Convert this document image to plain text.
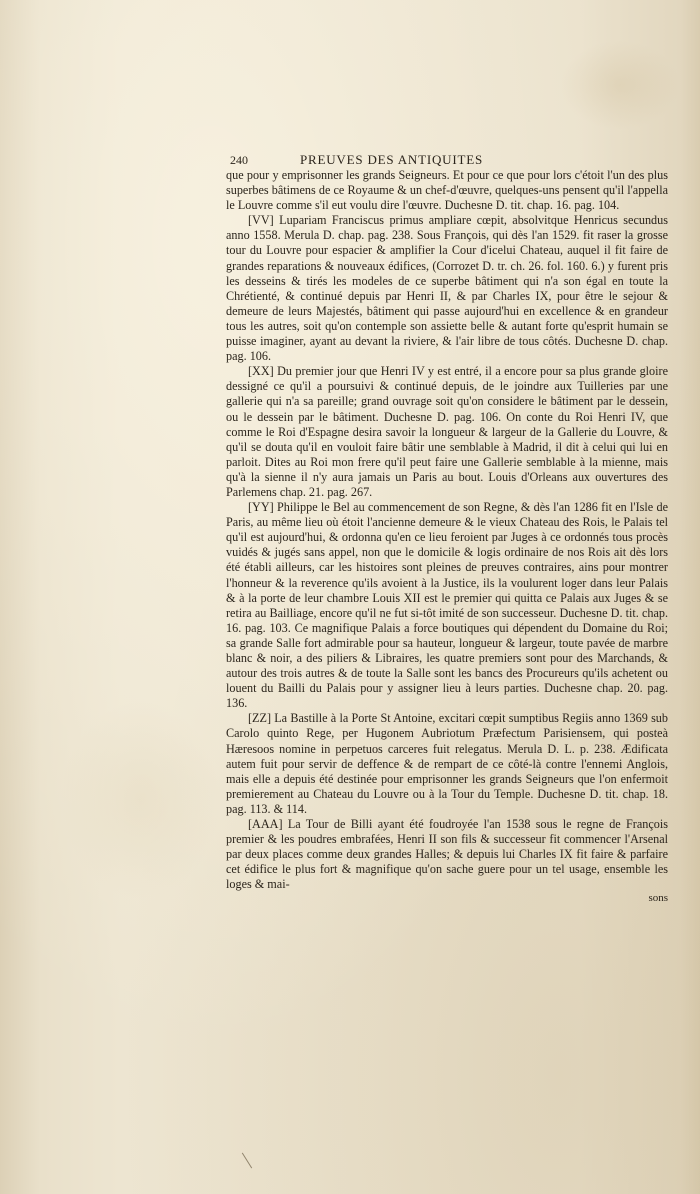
240	PREUVES DES ANTIQUITES

que pour y emprisonner les grands Seigneurs. Et pour ce que pour lors c'étoit l'un des plus superbes bâtimens de ce Royaume & un chef-d'œuvre, quelques-uns pensent qu'il l'appella le Louvre comme s'il eut voulu dire l'œuvre. Duchesne D. tit. chap. 16. pag. 104.

[VV] Lupariam Franciscus primus ampliare cœpit, absolvitque Henricus secundus anno 1558. Merula D. chap. pag. 238. Sous François, qui dès l'an 1529. fit raser la grosse tour du Louvre pour espacier & amplifier la Cour d'icelui Chateau, auquel il fit faire de grandes reparations & nouveaux édifices, (Corrozet D. tr. ch. 26. fol. 160. 6.) y furent pris les desseins & tirés les modeles de ce superbe bâtiment qui n'a son égal en toute la Chrétienté, & continué depuis par Henri II, & par Charles IX, pour être le sejour & demeure de leurs Majestés, bâtiment qui passe aujourd'hui en excellence & en grandeur tous les autres, soit qu'on contemple son assiette belle & autant forte qu'esprit humain se puisse imaginer, ayant au devant la riviere, & l'air libre de tous côtés. Duchesne D. chap. pag. 106.

[XX] Du premier jour que Henri IV y est entré, il a encore pour sa plus grande gloire dessigné ce qu'il a poursuivi & continué depuis, de le joindre aux Tuilleries par une gallerie qui n'a sa pareille; grand ouvrage soit qu'on considere le bâtiment par le dessein, ou le dessein par le bâtiment. Duchesne D. pag. 106. On conte du Roi Henri IV, que comme le Roi d'Espagne desira savoir la longueur & largeur de la Gallerie du Louvre, & qu'il se douta qu'il en vouloit faire bâtir une semblable à Madrid, il dit à celui qui lui en parloit. Dites au Roi mon frere qu'il peut faire une Gallerie semblable à la mienne, mais qu'à la sienne il n'y aura jamais un Paris au bout. Louis d'Orleans aux ouvertures des Parlemens chap. 21. pag. 267.

[YY] Philippe le Bel au commencement de son Regne, & dès l'an 1286 fit en l'Isle de Paris, au même lieu où étoit l'ancienne demeure & le vieux Chateau des Rois, le Palais tel qu'il est aujourd'hui, & ordonna qu'en ce lieu feroient par Juges à ce ordonnés tous procès vuidés & jugés sans appel, non que le domicile & logis ordinaire de nos Rois ait dès lors été établi ailleurs, car les histoires sont pleines de preuves contraires, ains pour montrer l'honneur & la reverence qu'ils avoient à la Justice, ils la voulurent loger dans leur Palais & à la porte de leur chambre Louis XII est le premier qui quitta ce Palais aux Juges & se retira au Bailliage, encore qu'il ne fut si-tôt imité de son successeur. Duchesne D. tit. chap. 16. pag. 103. Ce magnifique Palais a force boutiques qui dépendent du Domaine du Roi; sa grande Salle fort admirable pour sa hauteur, longueur & largeur, toute pavée de marbre blanc & noir, a des piliers & Libraires, les quatre premiers sont pour des Marchands, & autour des trois autres & de toute la Salle sont les bancs des Procureurs qu'ils achetent ou louent du Bailli du Palais pour y assigner lieu à leurs parties. Duchesne chap. 20. pag. 136.

[ZZ] La Bastille à la Porte St Antoine, excitari cœpit sumptibus Regiis anno 1369 sub Carolo quinto Rege, per Hugonem Aubriotum Præfectum Parisiensem, qui posteà Hæresoos nomine in perpetuos carceres fuit relegatus. Merula D. L. p. 238. Ædificata autem fuit pour servir de deffence & de rempart de ce côté-là contre l'ennemi Anglois, mais elle a depuis été destinée pour emprisonner les grands Seigneurs que l'on enfermoit premierement au Chateau du Louvre ou à la Tour du Temple. Duchesne D. tit. chap. 18. pag. 113. & 114.

[AAA] La Tour de Billi ayant été foudroyée l'an 1538 sous le regne de François premier & les poudres embrafées, Henri II son fils & successeur fit commencer l'Arsenal par deux places comme deux grandes Halles; & depuis lui Charles IX fit faire & parfaire cet édifice le plus fort & magnifique qu'on sache guere pour un tel usage, ensemble les loges & mai-

sons
